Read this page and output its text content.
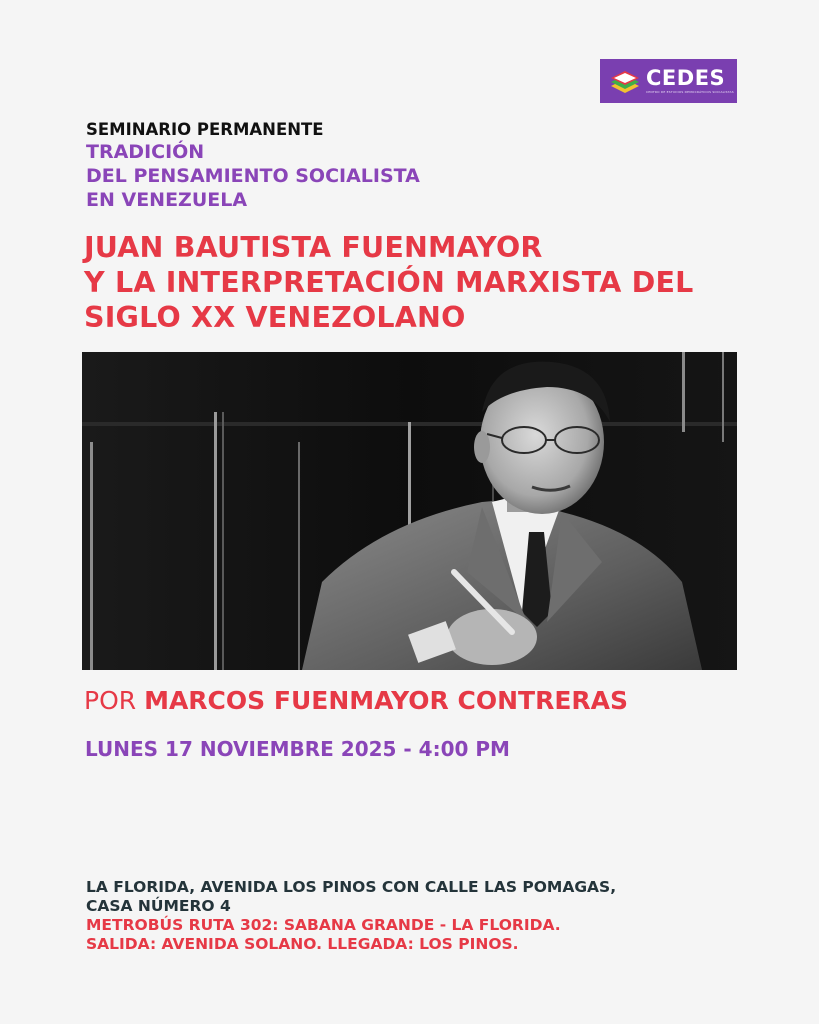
CEDES
CENTRO DE ESTUDIOS DEMOCRÁTICOS SOCIALISTAS
SEMINARIO PERMANENTE
TRADICIÓN
DEL PENSAMIENTO SOCIALISTA
EN VENEZUELA
JUAN BAUTISTA FUENMAYOR
Y LA INTERPRETACIÓN MARXISTA DEL
SIGLO XX VENEZOLANO
POR MARCOS FUENMAYOR CONTRERAS
LUNES 17 NOVIEMBRE 2025 - 4:00 PM
LA FLORIDA, AVENIDA LOS PINOS CON CALLE LAS POMAGAS,
CASA NÚMERO 4
METROBÚS RUTA 302: SABANA GRANDE - LA FLORIDA.
SALIDA: AVENIDA SOLANO. LLEGADA: LOS PINOS.
